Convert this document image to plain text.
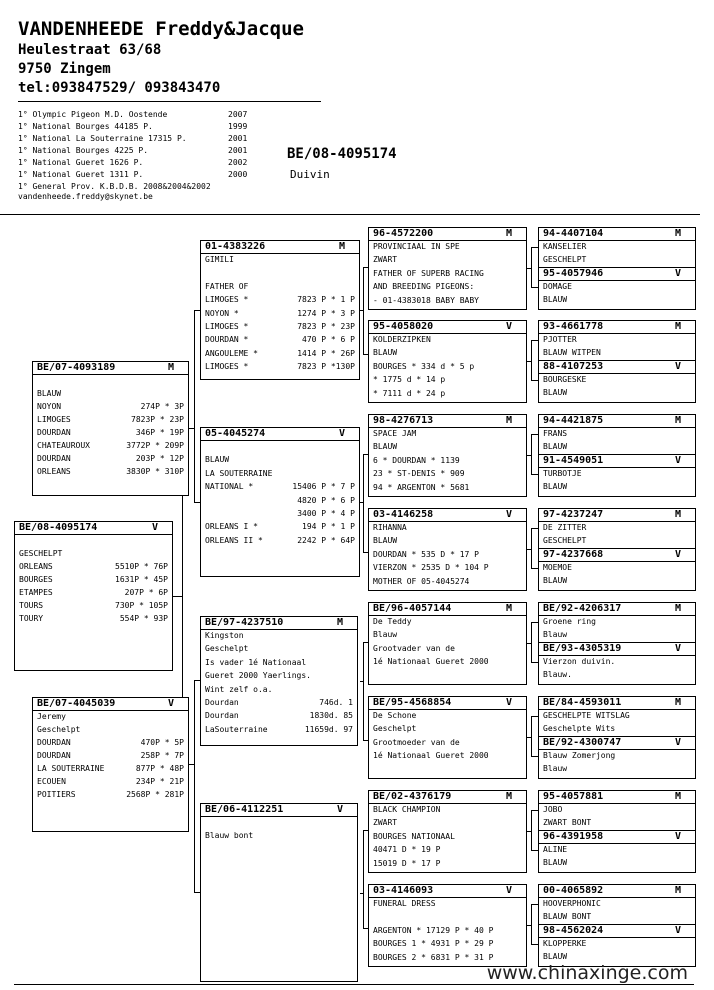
VANDENHEEDE Freddy&Jacque
Heulestraat 63/68
9750 Zingem
tel:093847529/ 093843470
1° Olympic Pigeon M.D. Oostende	2007
1° National Bourges 44185 P.	1999
1° National La Souterraine 17315 P.	2001
1° National Bourges 4225 P.	2001
1° National Gueret 1626 P.	2002
1° National Gueret 1311 P.	2000
1° General Prov. K.B.D.B. 2008&2004&2002
vandenheede.freddy@skynet.be
BE/08-4095174
Duivin
BE/08-4095174	V
GESCHELPT
ORLEANS	5510P * 76P
BOURGES	1631P * 45P
ETAMPES	207P * 6P
TOURS	730P * 105P
TOURY	554P * 93P
BE/07-4093189	M
BLAUW
NOYON	274P * 3P
LIMOGES	7823P * 23P
DOURDAN	346P * 19P
CHATEAUROUX	3772P * 209P
DOURDAN	203P * 12P
ORLEANS	3830P * 310P
BE/07-4045039	V
Jeremy
Geschelpt
DOURDAN	470P * 5P
DOURDAN	258P * 7P
LA SOUTERRAINE	877P * 48P
ECOUEN	234P * 21P
POITIERS	2568P * 281P
01-4383226	M
GIMILI
FATHER OF
LIMOGES *	7823 P * 1 P
NOYON *	1274 P * 3 P
LIMOGES *	7823 P * 23P
DOURDAN *	470 P * 6 P
ANGOULEME *	1414 P * 26P
LIMOGES *	7823 P *130P
05-4045274	V
BLAUW
LA SOUTERRAINE
NATIONAL *	15406 P * 7 P
4820 P * 6 P
3400 P * 4 P
ORLEANS I *	194 P * 1 P
ORLEANS II *	2242 P * 64P
BE/97-4237510	M
Kingston
Geschelpt
Is vader 1é Nationaal
Gueret 2000 Yaerlings.
Wint zelf o.a.
Dourdan	746d. 1
Dourdan	1830d. 85
LaSouterraine	11659d. 97
BE/06-4112251	V
Blauw bont
96-4572200	M
PROVINCIAAL IN SPE
ZWART
FATHER OF SUPERB RACING
AND BREEDING PIGEONS:
- 01-4383018 BABY BABY
95-4058020	V
KOLDERZIPKEN
BLAUW
BOURGES * 334 d * 5 p
* 1775 d * 14 p
* 7111 d * 24 p
98-4276713	M
SPACE JAM
BLAUW
6 * DOURDAN * 1139
23 * ST-DENIS * 909
94 * ARGENTON * 5681
03-4146258	V
RIHANNA
BLAUW
DOURDAN * 535 D * 17 P
VIERZON * 2535 D * 104 P
MOTHER OF 05-4045274
BE/96-4057144	M
De Teddy
Blauw
Grootvader van de
1é Nationaal Gueret 2000
BE/95-4568854	V
De Schone
Geschelpt
Grootmoeder van de
1é Nationaal Gueret 2000
BE/02-4376179	M
BLACK CHAMPION
ZWART
BOURGES NATIONAAL
40471 D * 19 P
15019 D * 17 P
03-4146093	V
FUNERAL DRESS
ARGENTON * 17129 P * 40 P
BOURGES 1 * 4931 P * 29 P
BOURGES 2 * 6831 P * 31 P
94-4407104	M
KANSELIER
GESCHELPT
95-4057946	V
DOMAGE
BLAUW
93-4661778	M
PJOTTER
BLAUW WITPEN
88-4107253	V
BOURGESKE
BLAUW
94-4421875	M
FRANS
BLAUW
91-4549051	V
TURBOTJE
BLAUW
97-4237247	M
DE ZITTER
GESCHELPT
97-4237668	V
MOEMOE
BLAUW
BE/92-4206317	M
Groene ring
Blauw
BE/93-4305319	V
Vierzon duivin.
Blauw.
BE/84-4593011	M
GESCHELPTE WITSLAG
Geschelpte Wits
BE/92-4300747	V
Blauw Zomerjong
Blauw
95-4057881	M
JOBO
ZWART BONT
96-4391958	V
ALINE
BLAUW
00-4065892	M
HOOVERPHONIC
BLAUW BONT
98-4562024	V
KLOPPERKE
BLAUW
www.chinaxinge.com
